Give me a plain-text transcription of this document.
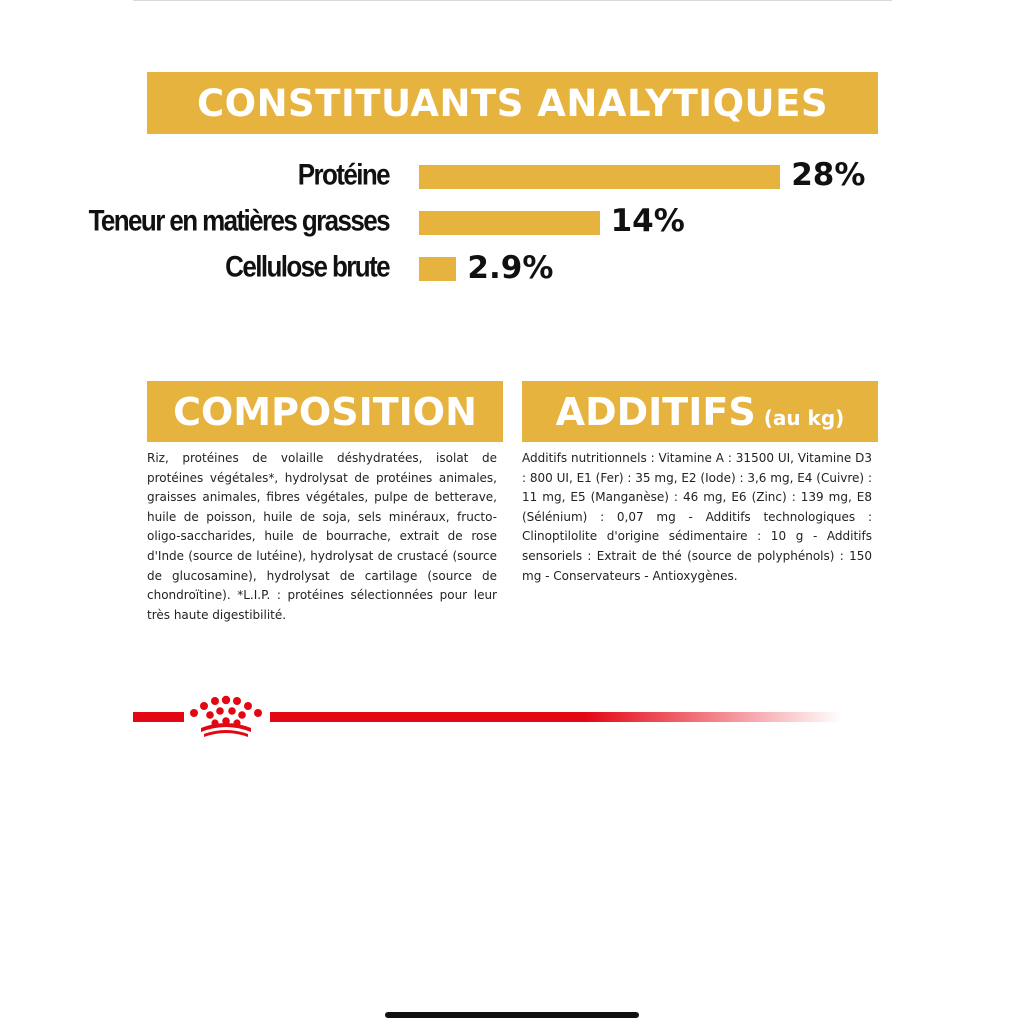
CONSTITUANTS ANALYTIQUES
Protéine	28%
Teneur en matières grasses	14%
Cellulose brute	2.9%
COMPOSITION

Riz, protéines de volaille déshydratées, isolat de protéines végétales*, hydrolysat de protéines animales, graisses animales, fibres végétales, pulpe de betterave, huile de poisson, huile de soja, sels minéraux, fructo-oligo-saccharides, huile de bourrache, extrait de rose d'Inde (source de lutéine), hydrolysat de crustacé (source de glucosamine), hydrolysat de cartilage (source de chondroïtine). *L.I.P. : protéines sélectionnées pour leur très haute digestibilité.

ADDITIFS (au kg)

Additifs nutritionnels : Vitamine A : 31500 UI, Vitamine D3 : 800 UI, E1 (Fer) : 35 mg, E2 (Iode) : 3,6 mg, E4 (Cuivre) : 11 mg, E5 (Manganèse) : 46 mg, E6 (Zinc) : 139 mg, E8 (Sélénium) : 0,07 mg - Additifs technologiques : Clinoptilolite d'origine sédimentaire : 10 g - Additifs sensoriels : Extrait de thé (source de polyphénols) : 150 mg - Conservateurs - Antioxygènes.
